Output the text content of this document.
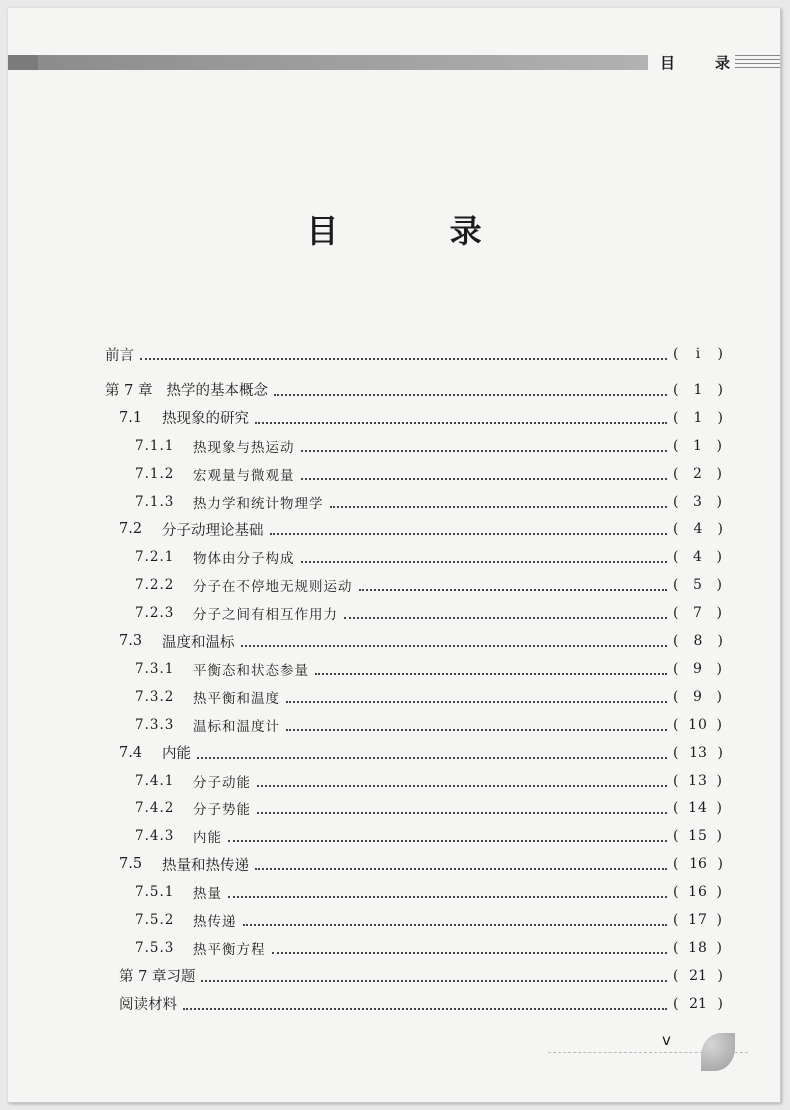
目	录
目 录
前言	(	i	)
第 7 章 热学的基本概念	(	1	)
7.1	热现象的研究	(	1	)
7.1.1	热现象与热运动	( 1 )
7.1.2	宏观量与微观量	( 2 )
7.1.3	热力学和统计物理学	( 3 )
7.2	分子动理论基础	(	4	)
7.2.1	物体由分子构成	( 4 )
7.2.2	分子在不停地无规则运动	( 5 )
7.2.3	分子之间有相互作用力	( 7 )
7.3	温度和温标	(	8	)
7.3.1	平衡态和状态参量	( 9 )
7.3.2	热平衡和温度	( 9 )
7.3.3	温标和温度计	( 10 )
7.4	内能	( 13 )
7.4.1	分子动能	( 13 )
7.4.2	分子势能	( 14 )
7.4.3	内能	( 15 )
7.5	热量和热传递	( 16 )
7.5.1	热量	( 16 )
7.5.2	热传递	( 17 )
7.5.3	热平衡方程	( 18 )
第 7 章习题	( 21 )
阅读材料	( 21 )
v
